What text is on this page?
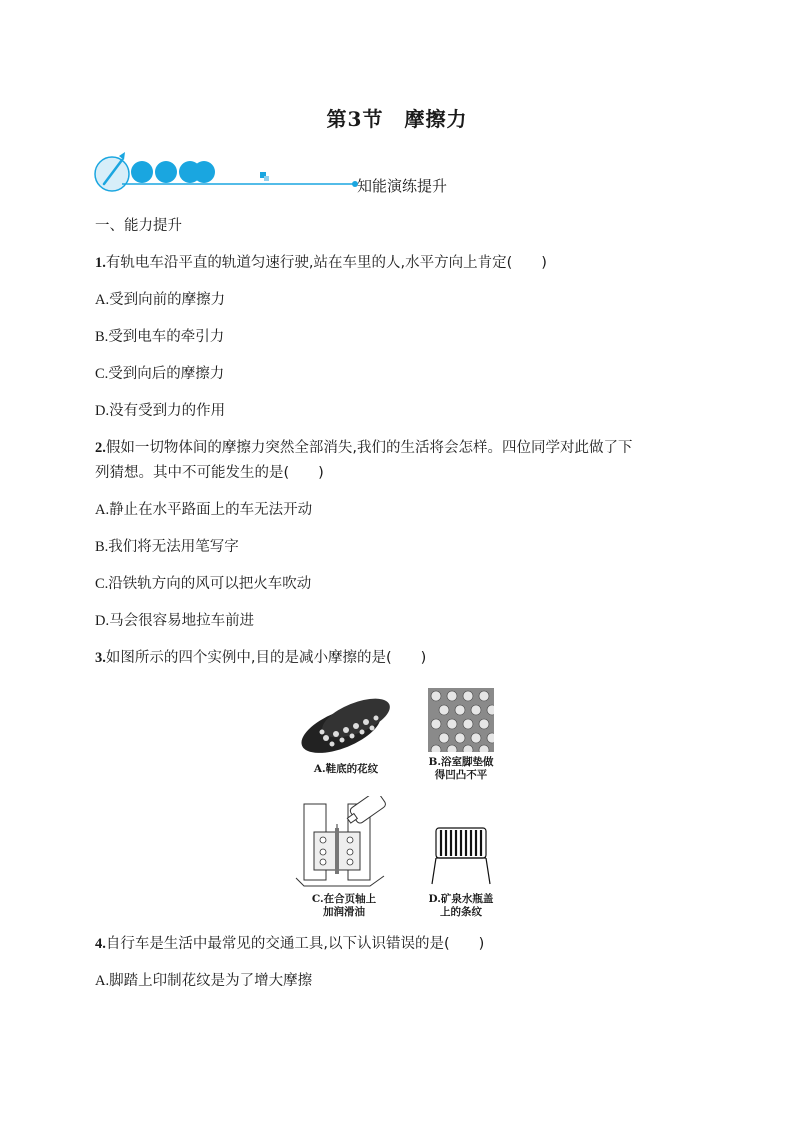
第3节　摩擦力
知能演练提升
一、能力提升
1.有轨电车沿平直的轨道匀速行驶,站在车里的人,水平方向上肯定(　　)
A.受到向前的摩擦力
B.受到电车的牵引力
C.受到向后的摩擦力
D.没有受到力的作用
2.假如一切物体间的摩擦力突然全部消失,我们的生活将会怎样。四位同学对此做了下
列猜想。其中不可能发生的是(　　)
A.静止在水平路面上的车无法开动
B.我们将无法用笔写字
C.沿铁轨方向的风可以把火车吹动
D.马会很容易地拉车前进
3.如图所示的四个实例中,目的是减小摩擦的是(　　)
A.鞋底的花纹
B.浴室脚垫做
得凹凸不平
C.在合页轴上
加润滑油
D.矿泉水瓶盖
上的条纹
4.自行车是生活中最常见的交通工具,以下认识错误的是(　　)
A.脚踏上印制花纹是为了增大摩擦
